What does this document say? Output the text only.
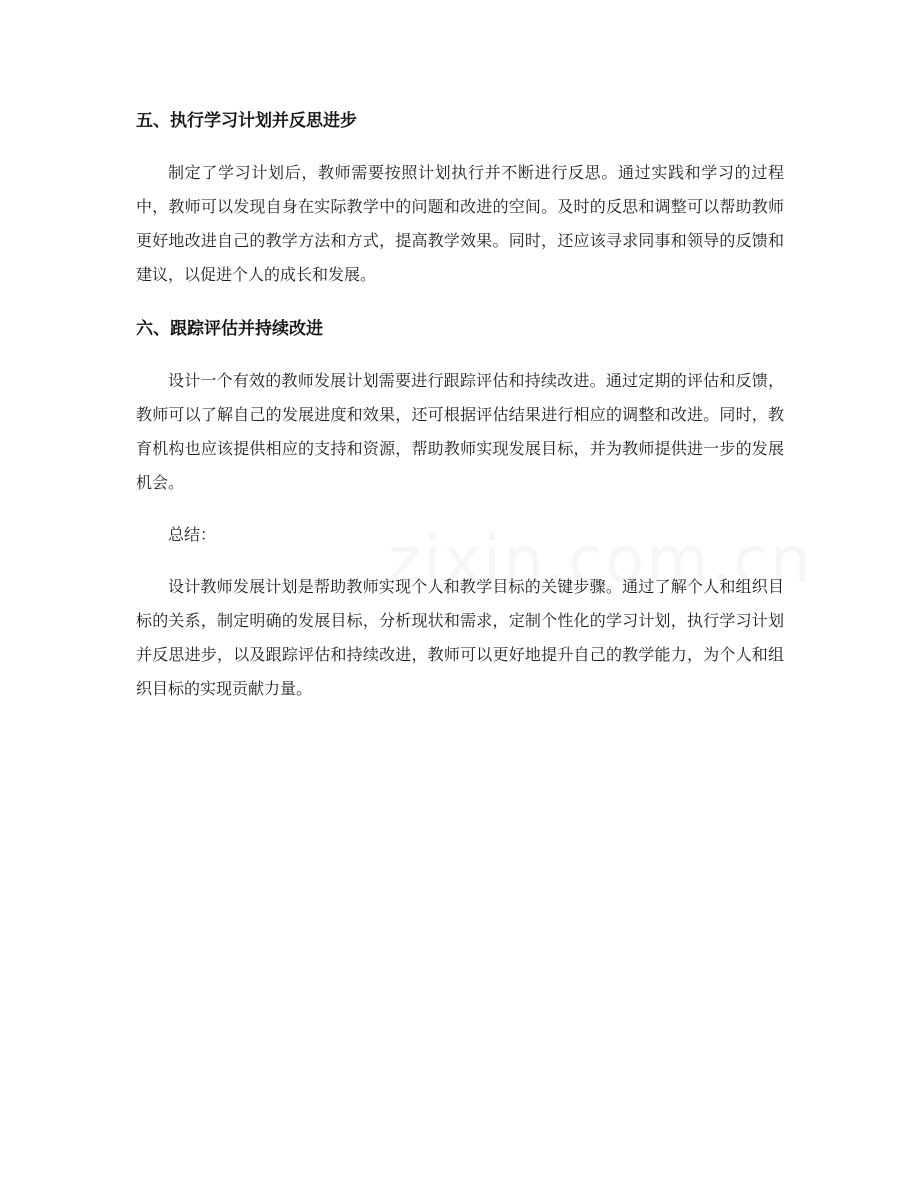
五、执行学习计划并反思进步

制定了学习计划后，教师需要按照计划执行并不断进行反思。通过实践和学习的过程中，教师可以发现自身在实际教学中的问题和改进的空间。及时的反思和调整可以帮助教师更好地改进自己的教学方法和方式，提高教学效果。同时，还应该寻求同事和领导的反馈和建议，以促进个人的成长和发展。

六、跟踪评估并持续改进

设计一个有效的教师发展计划需要进行跟踪评估和持续改进。通过定期的评估和反馈，教师可以了解自己的发展进度和效果，还可根据评估结果进行相应的调整和改进。同时，教育机构也应该提供相应的支持和资源，帮助教师实现发展目标，并为教师提供进一步的发展机会。

总结：

设计教师发展计划是帮助教师实现个人和教学目标的关键步骤。通过了解个人和组织目标的关系，制定明确的发展目标，分析现状和需求，定制个性化的学习计划，执行学习计划并反思进步，以及跟踪评估和持续改进，教师可以更好地提升自己的教学能力，为个人和组织目标的实现贡献力量。
